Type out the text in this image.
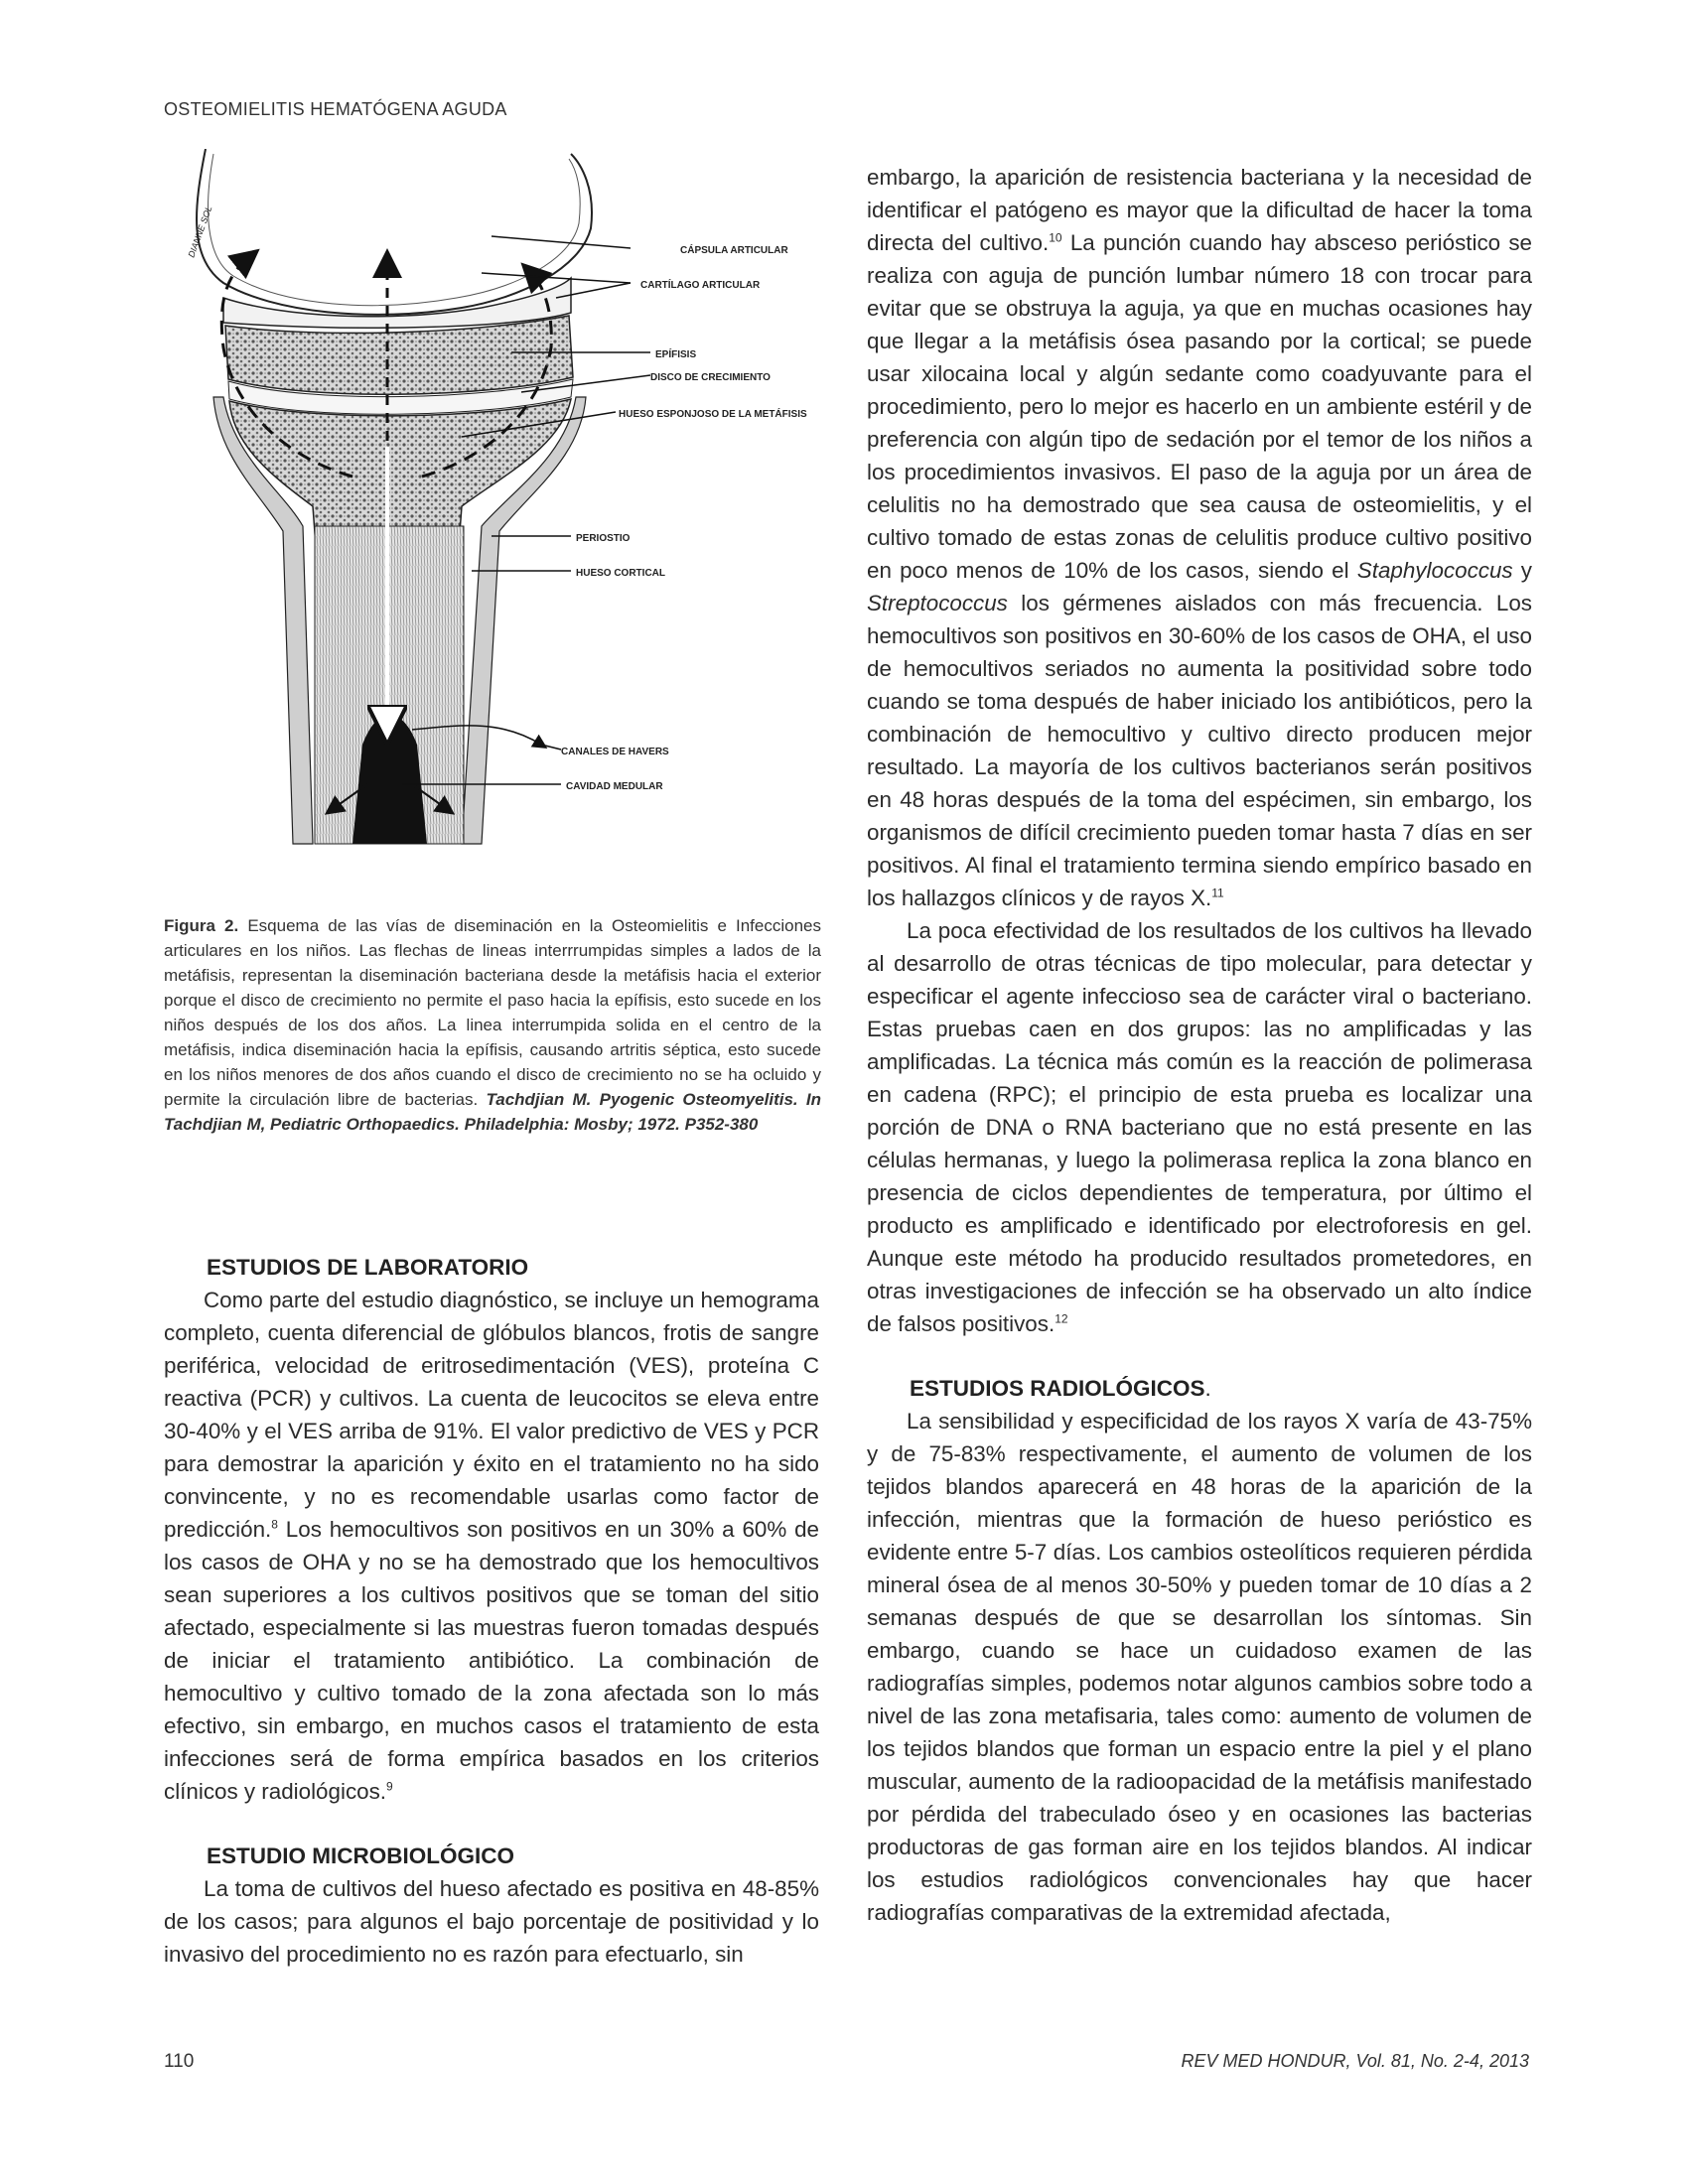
OSTEOMIELITIS HEMATÓGENA AGUDA
DIANNE SOL	CÁPSULA ARTICULAR
CARTÍLAGO ARTICULAR
EPÍFISIS
DISCO DE CRECIMIENTO
HUESO ESPONJOSO DE LA METÁFISIS
PERIOSTIO
HUESO CORTICAL
CANALES DE HAVERS
CAVIDAD MEDULAR
Figura 2. Esquema de las vías de diseminación en la Osteomielitis e Infecciones articulares en los niños. Las flechas de lineas interrrumpidas simples a lados de la metáfisis, representan la diseminación bacteriana desde la metáfisis hacia el exterior porque el disco de crecimiento no permite el paso hacia la epífisis, esto sucede en los niños después de los dos años. La linea interrumpida solida en el centro de la metáfisis, indica diseminación hacia la epífisis, causando artritis séptica, esto sucede en los niños menores de dos años cuando el disco de crecimiento no se ha ocluido y permite la circulación libre de bacterias. Tachdjian M. Pyogenic Osteomyelitis. In Tachdjian M, Pediatric Orthopaedics. Philadelphia: Mosby; 1972. P352-380
ESTUDIOS DE LABORATORIO

Como parte del estudio diagnóstico, se incluye un hemograma completo, cuenta diferencial de glóbulos blancos, frotis de sangre periférica, velocidad de eritrosedimentación (VES), proteína C reactiva (PCR) y cultivos. La cuenta de leucocitos se eleva entre 30-40% y el VES arriba de 91%. El valor predictivo de VES y PCR para demostrar la aparición y éxito en el tratamiento no ha sido convincente, y no es recomendable usarlas como factor de predicción.$^8$ Los hemocultivos son positivos en un 30% a 60% de los casos de OHA y no se ha demostrado que los hemocultivos sean superiores a los cultivos positivos que se toman del sitio afectado, especialmente si las muestras fueron tomadas después de iniciar el tratamiento antibiótico. La combinación de hemocultivo y cultivo tomado de la zona afectada son lo más efectivo, sin embargo, en muchos casos el tratamiento de esta infecciones será de forma empírica basados en los criterios clínicos y radiológicos.$^9$

ESTUDIO MICROBIOLÓGICO

La toma de cultivos del hueso afectado es positiva en 48-85% de los casos; para algunos el bajo porcentaje de positividad y lo invasivo del procedimiento no es razón para efectuarlo, sin

embargo, la aparición de resistencia bacteriana y la necesidad de identificar el patógeno es mayor que la dificultad de hacer la toma directa del cultivo.$^{10}$ La punción cuando hay absceso perióstico se realiza con aguja de punción lumbar número 18 con trocar para evitar que se obstruya la aguja, ya que en muchas ocasiones hay que llegar a la metáfisis ósea pasando por la cortical; se puede usar xilocaina local y algún sedante como coadyuvante para el procedimiento, pero lo mejor es hacerlo en un ambiente estéril y de preferencia con algún tipo de sedación por el temor de los niños a los procedimientos invasivos. El paso de la aguja por un área de celulitis no ha demostrado que sea causa de osteomielitis, y el cultivo tomado de estas zonas de celulitis produce cultivo positivo en poco menos de 10% de los casos, siendo el Staphylococcus y Streptococcus los gérmenes aislados con más frecuencia. Los hemocultivos son positivos en 30-60% de los casos de OHA, el uso de hemocultivos seriados no aumenta la positividad sobre todo cuando se toma después de haber iniciado los antibióticos, pero la combinación de hemocultivo y cultivo directo producen mejor resultado. La mayoría de los cultivos bacterianos serán positivos en 48 horas después de la toma del espécimen, sin embargo, los organismos de difícil crecimiento pueden tomar hasta 7 días en ser positivos. Al final el tratamiento termina siendo empírico basado en los hallazgos clínicos y de rayos X.$^{11}$

La poca efectividad de los resultados de los cultivos ha llevado al desarrollo de otras técnicas de tipo molecular, para detectar y especificar el agente infeccioso sea de carácter viral o bacteriano. Estas pruebas caen en dos grupos: las no amplificadas y las amplificadas. La técnica más común es la reacción de polimerasa en cadena (RPC); el principio de esta prueba es localizar una porción de DNA o RNA bacteriano que no está presente en las células hermanas, y luego la polimerasa replica la zona blanco en presencia de ciclos dependientes de temperatura, por último el producto es amplificado e identificado por electroforesis en gel. Aunque este método ha producido resultados prometedores, en otras investigaciones de infección se ha observado un alto índice de falsos positivos.$^{12}$

ESTUDIOS RADIOLÓGICOS.

La sensibilidad y especificidad de los rayos X varía de 43-75% y de 75-83% respectivamente, el aumento de volumen de los tejidos blandos aparecerá en 48 horas de la aparición de la infección, mientras que la formación de hueso perióstico es evidente entre 5-7 días. Los cambios osteolíticos requieren pérdida mineral ósea de al menos 30-50% y pueden tomar de 10 días a 2 semanas después de que se desarrollan los síntomas. Sin embargo, cuando se hace un cuidadoso examen de las radiografías simples, podemos notar algunos cambios sobre todo a nivel de las zona metafisaria, tales como: aumento de volumen de los tejidos blandos que forman un espacio entre la piel y el plano muscular, aumento de la radioopacidad de la metáfisis manifestado por pérdida del trabeculado óseo y en ocasiones las bacterias productoras de gas forman aire en los tejidos blandos. Al indicar los estudios radiológicos convencionales hay que hacer radiografías comparativas de la extremidad afectada,

110	REV MED HONDUR, Vol. 81, No. 2-4, 2013
